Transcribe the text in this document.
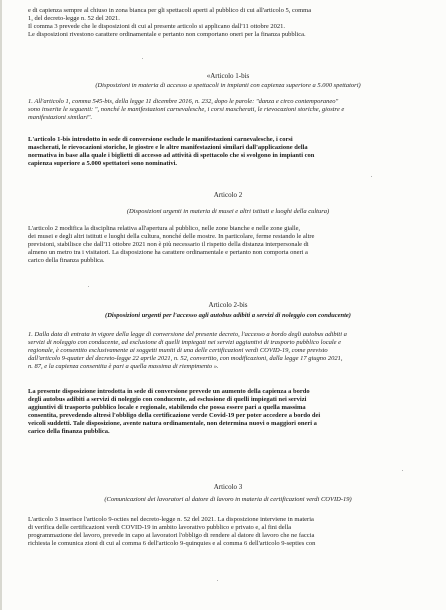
e di capienza sempre al chiuso in zona bianca per gli spettacoli aperti al pubblico di cui all'articolo 5, comma
1, del decreto-legge n. 52 del 2021.
Il comma 3 prevede che le disposizioni di cui al presente articolo si applicano dall'11 ottobre 2021.
Le disposizioni rivestono carattere ordinamentale e pertanto non comportano oneri per la finanza pubblica.

«Articolo 1-bis

(Disposizioni in materia di accesso a spettacoli in impianti con capienza superiore a 5.000 spettatori)

1. All'articolo 1, comma 545-bis, della legge 11 dicembre 2016, n. 232, dopo le parole: "danza e circo contemporaneo"
sono inserite le seguenti: ", nonché le manifestazioni carnevalesche, i corsi mascherati, le rievocazioni storiche, giostre e
manifestazioni similari".

L'articolo 1-bis introdotto in sede di conversione esclude le manifestazioni carnevalesche, i corsi
mascherati, le rievocazioni storiche, le giostre e le altre manifestazioni similari dall'applicazione della
normativa in base alla quale i biglietti di accesso ad attività di spettacolo che si svolgono in impianti con
capienza superiore a 5.000 spettatori sono nominativi.

Articolo 2

(Disposizioni urgenti in materia di musei e altri istituti e luoghi della cultura)

L'articolo 2 modifica la disciplina relativa all'apertura al pubblico, nelle zone bianche e nelle zone gialle,
dei musei e degli altri istituti e luoghi della cultura, nonché delle mostre. In particolare, ferme restando le altre
previsioni, stabilisce che dall'11 ottobre 2021 non è più necessario il rispetto della distanza interpersonale di
almeno un metro tra i visitatori. La disposizione ha carattere ordinamentale e pertanto non comporta oneri a
carico della finanza pubblica.

Articolo 2-bis

(Disposizioni urgenti per l'accesso agli autobus adibiti a servizi di noleggio con conducente)

1. Dalla data di entrata in vigore della legge di conversione del presente decreto, l'accesso a bordo degli autobus adibiti a
servizi di noleggio con conducente, ad esclusione di quelli impiegati nei servizi aggiuntivi di trasporto pubblico locale e
regionale, è consentito esclusivamente ai soggetti muniti di una delle certificazioni verdi COVID-19, come previsto
dall'articolo 9-quater del decreto-legge 22 aprile 2021, n. 52, convertito, con modificazioni, dalla legge 17 giugno 2021,
n. 87, e la capienza consentita è pari a quella massima di riempimento ».

La presente disposizione introdotta in sede di conversione prevede un aumento della capienza a bordo
degli autobus adibiti a servizi di noleggio con conducente, ad esclusione di quelli impiegati nei servizi
aggiuntivi di trasporto pubblico locale e regionale, stabilendo che possa essere pari a quella massima
consentita, prevedendo altresì l'obbligo della certificazione verde Covid-19 per poter accedere a bordo dei
veicoli suddetti. Tale disposizione, avente natura ordinamentale, non determina nuovi o maggiori oneri a
carico della finanza pubblica.

Articolo 3

(Comunicazioni dei lavoratori al datore di lavoro in materia di certificazioni verdi COVID-19)

L'articolo 3 inserisce l'articolo 9-octies nel decreto-legge n. 52 del 2021. La disposizione interviene in materia
di verifica delle certificazioni verdi COVID-19 in ambito lavorativo pubblico e privato e, al fini della
programmazione del lavoro, prevede in capo ai lavoratori l'obbligo di rendere al datore di lavoro che ne faccia
richiesta le comunica zioni di cui al comma 6 dell'articolo 9-quinquies e al comma 6 dell'articolo 9-septies con
